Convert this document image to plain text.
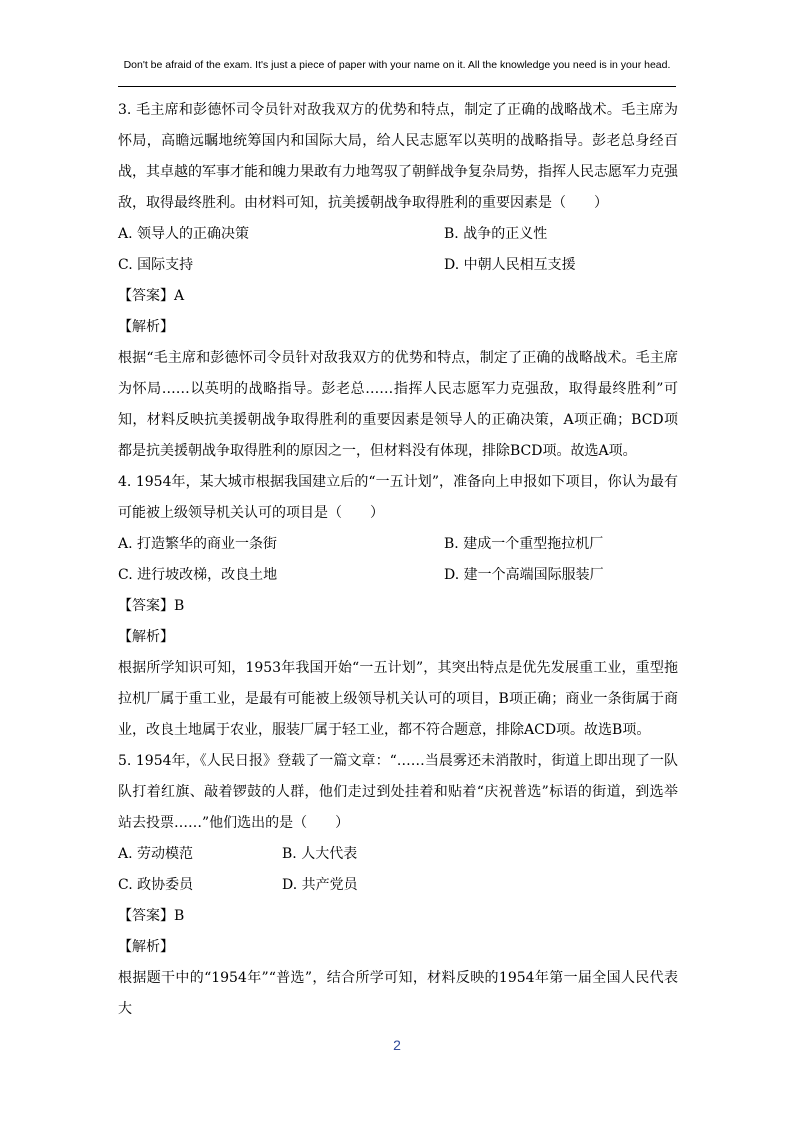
Don't be afraid of the exam. It's just a piece of paper with your name on it. All the knowledge you need is in your head.

3. 毛主席和彭德怀司令员针对敌我双方的优势和特点，制定了正确的战略战术。毛主席为怀局，高瞻远瞩地统筹国内和国际大局，给人民志愿军以英明的战略指导。彭老总身经百战，其卓越的军事才能和魄力果敢有力地驾驭了朝鲜战争复杂局势，指挥人民志愿军力克强敌，取得最终胜利。由材料可知，抗美援朝战争取得胜利的重要因素是（　　）

A. 领导人的正确决策	B. 战争的正义性
C. 国际支持	D. 中朝人民相互支援

【答案】A

【解析】

根据“毛主席和彭德怀司令员针对敌我双方的优势和特点，制定了正确的战略战术。毛主席为怀局……以英明的战略指导。彭老总……指挥人民志愿军力克强敌，取得最终胜利”可知，材料反映抗美援朝战争取得胜利的重要因素是领导人的正确决策，A项正确；BCD项都是抗美援朝战争取得胜利的原因之一，但材料没有体现，排除BCD项。故选A项。

4. 1954年，某大城市根据我国建立后的“一五计划”，准备向上申报如下项目，你认为最有可能被上级领导机关认可的项目是（　　）

A. 打造繁华的商业一条街	B. 建成一个重型拖拉机厂
C. 进行坡改梯，改良土地	D. 建一个高端国际服装厂

【答案】B

【解析】

根据所学知识可知，1953年我国开始“一五计划”，其突出特点是优先发展重工业，重型拖拉机厂属于重工业，是最有可能被上级领导机关认可的项目，B项正确；商业一条街属于商业，改良土地属于农业，服装厂属于轻工业，都不符合题意，排除ACD项。故选B项。

5. 1954年，《人民日报》登载了一篇文章：“……当晨雾还未消散时，街道上即出现了一队队打着红旗、敲着锣鼓的人群，他们走过到处挂着和贴着“庆祝普选”标语的街道，到选举站去投票……”他们选出的是（　　）

A. 劳动模范	B. 人大代表
C. 政协委员	D. 共产党员

【答案】B

【解析】

根据题干中的“1954年”“普选”，结合所学可知，材料反映的1954年第一届全国人民代表大

2
